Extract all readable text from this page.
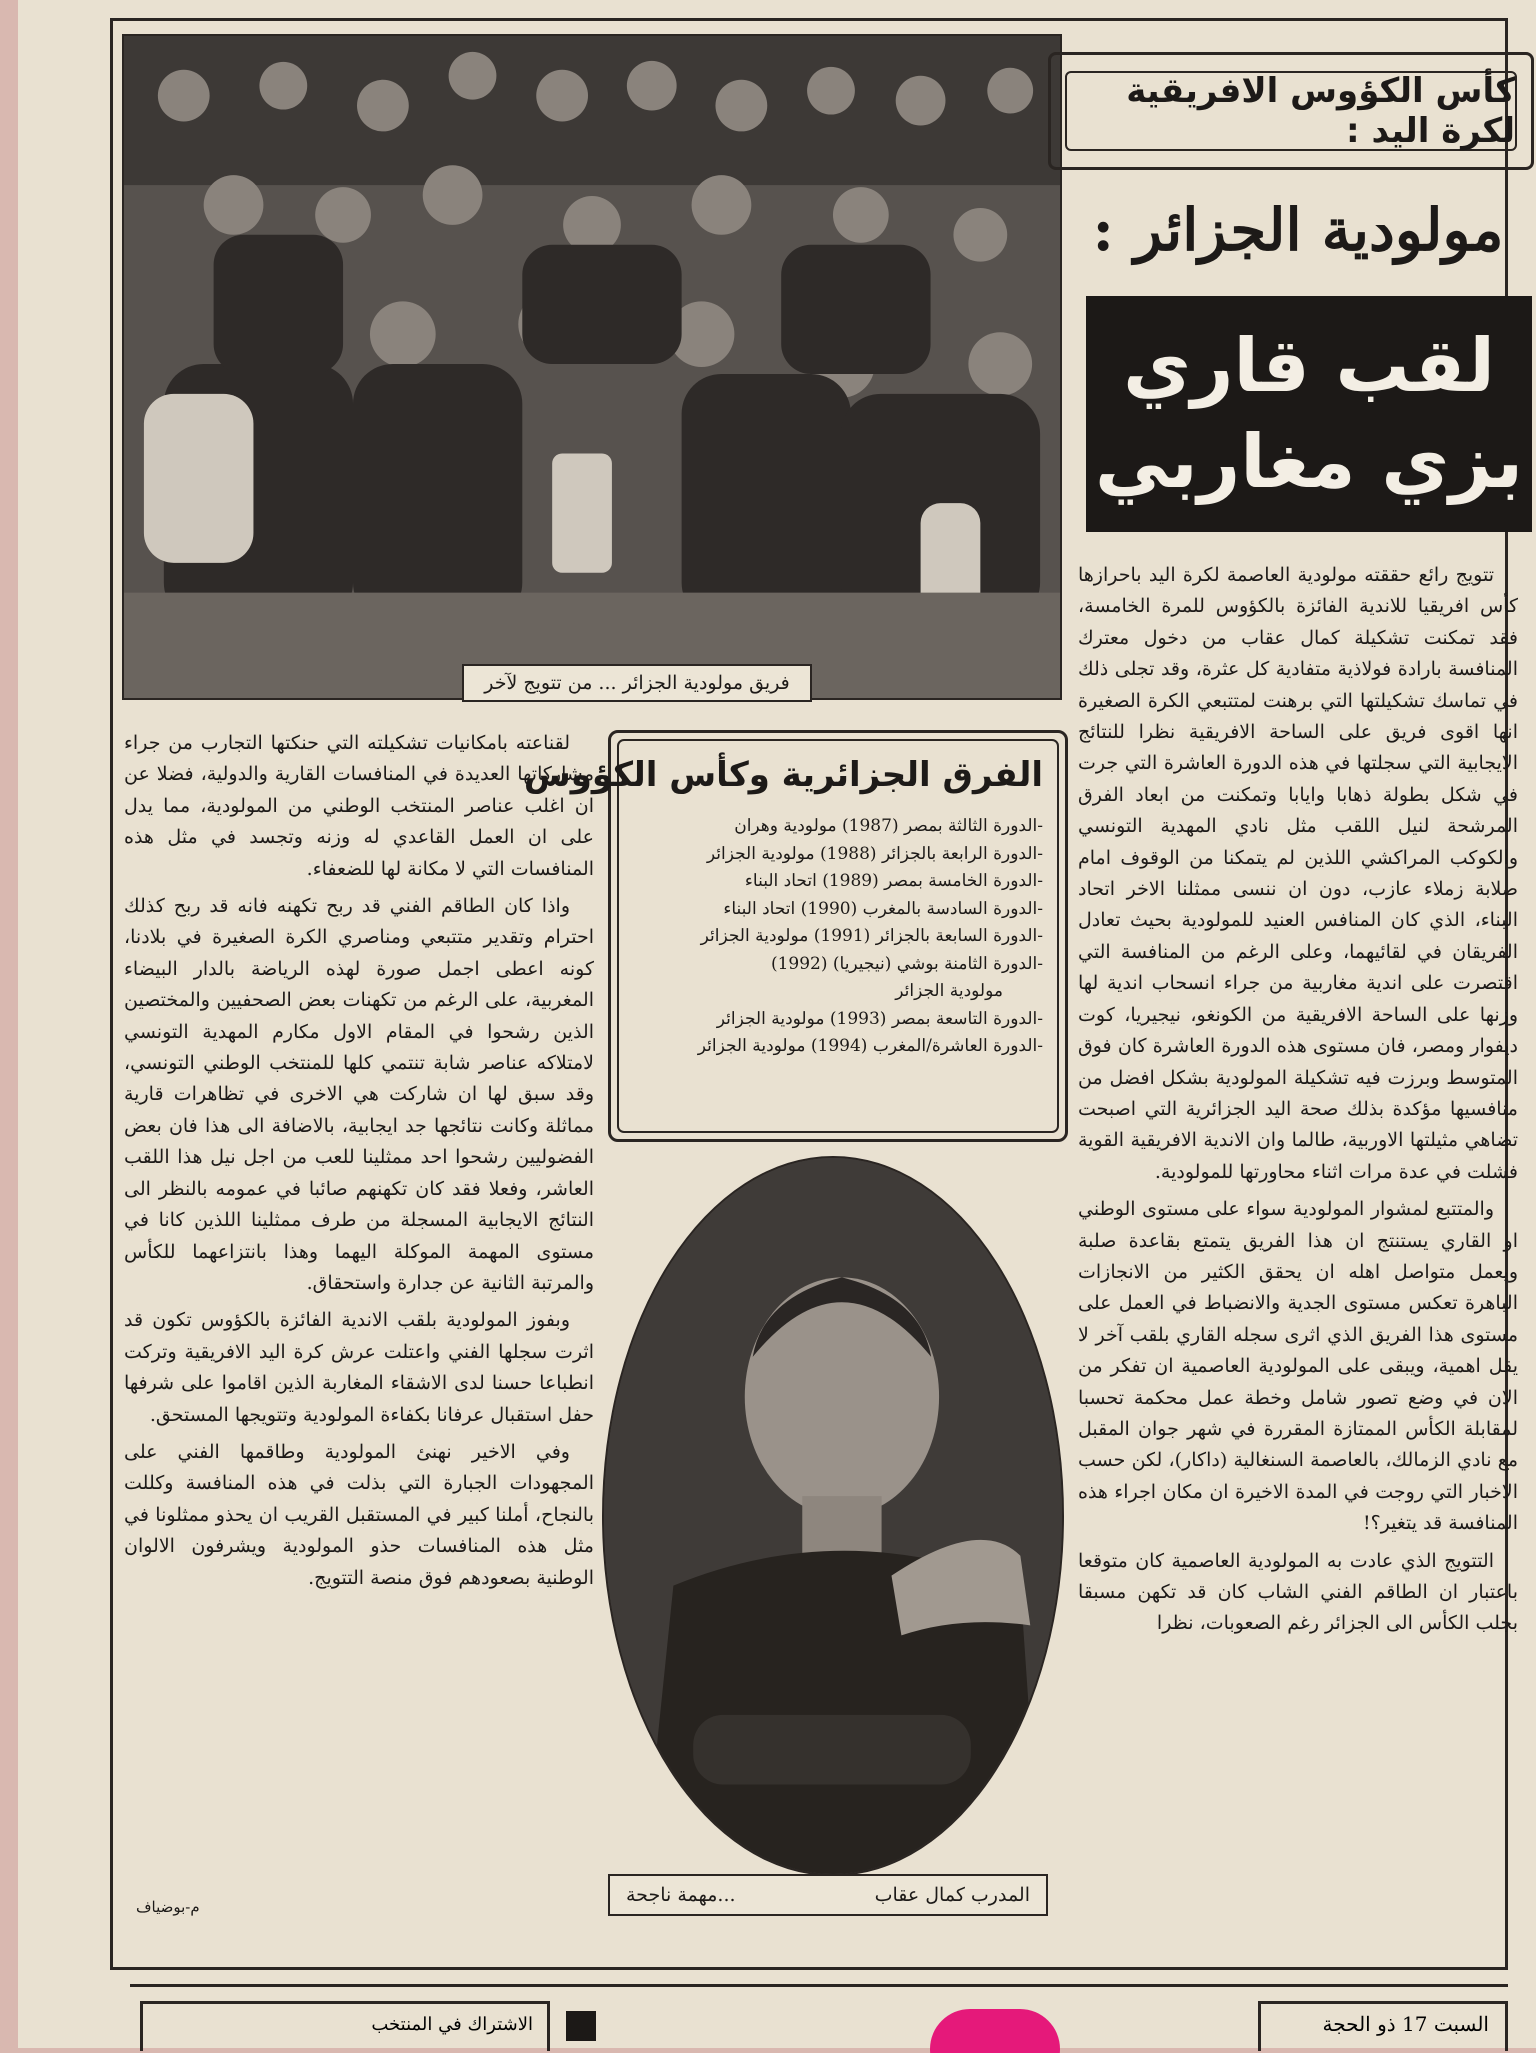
فريق مولودية الجزائر ... من تتويج لآخر
كأس الكؤوس الافريقية لكرة اليد :
مولودية الجزائر :
لقب قاري
بزي مغاربي

تتويج رائع حققته مولودية العاصمة لكرة اليد باحرازها كأس افريقيا للاندية الفائزة بالكؤوس للمرة الخامسة، فقد تمكنت تشكيلة كمال عقاب من دخول معترك المنافسة بارادة فولاذية متفادية كل عثرة، وقد تجلى ذلك في تماسك تشكيلتها التي برهنت لمتتبعي الكرة الصغيرة انها اقوى فريق على الساحة الافريقية نظرا للنتائج الايجابية التي سجلتها في هذه الدورة العاشرة التي جرت في شكل بطولة ذهابا وايابا وتمكنت من ابعاد الفرق المرشحة لنيل اللقب مثل نادي المهدية التونسي والكوكب المراكشي اللذين لم يتمكنا من الوقوف امام صلابة زملاء عازب، دون ان ننسى ممثلنا الاخر اتحاد البناء، الذي كان المنافس العنيد للمولودية بحيث تعادل الفريقان في لقائيهما، وعلى الرغم من المنافسة التي اقتصرت على اندية مغاربية من جراء انسحاب اندية لها وزنها على الساحة الافريقية من الكونغو، نيجيريا، كوت ديفوار ومصر، فان مستوى هذه الدورة العاشرة كان فوق المتوسط وبرزت فيه تشكيلة المولودية بشكل افضل من منافسيها مؤكدة بذلك صحة اليد الجزائرية التي اصبحت تضاهي مثيلتها الاوربية، طالما وان الاندية الافريقية القوية فشلت في عدة مرات اثناء محاورتها للمولودية.

والمتتبع لمشوار المولودية سواء على مستوى الوطني او القاري يستنتج ان هذا الفريق يتمتع بقاعدة صلبة ويعمل متواصل اهله ان يحقق الكثير من الانجازات الباهرة تعكس مستوى الجدية والانضباط في العمل على مستوى هذا الفريق الذي اثرى سجله القاري بلقب آخر لا يقل اهمية، ويبقى على المولودية العاصمية ان تفكر من الان في وضع تصور شامل وخطة عمل محكمة تحسبا لمقابلة الكأس الممتازة المقررة في شهر جوان المقبل مع نادي الزمالك، بالعاصمة السنغالية (داكار)، لكن حسب الاخبار التي روجت في المدة الاخيرة ان مكان اجراء هذه المنافسة قد يتغير؟!

التتويج الذي عادت به المولودية العاصمية كان متوقعا باعتبار ان الطاقم الفني الشاب كان قد تكهن مسبقا بجلب الكأس الى الجزائر رغم الصعوبات، نظرا

لقناعته بامكانيات تشكيلته التي حنكتها التجارب من جراء مشاركاتها العديدة في المنافسات القارية والدولية، فضلا عن ان اغلب عناصر المنتخب الوطني من المولودية، مما يدل على ان العمل القاعدي له وزنه وتجسد في مثل هذه المنافسات التي لا مكانة لها للضعفاء.

واذا كان الطاقم الفني قد ربح تكهنه فانه قد ربح كذلك احترام وتقدير متتبعي ومناصري الكرة الصغيرة في بلادنا، كونه اعطى اجمل صورة لهذه الرياضة بالدار البيضاء المغربية، على الرغم من تكهنات بعض الصحفيين والمختصين الذين رشحوا في المقام الاول مكارم المهدية التونسي لامتلاكه عناصر شابة تنتمي كلها للمنتخب الوطني التونسي، وقد سبق لها ان شاركت هي الاخرى في تظاهرات قارية مماثلة وكانت نتائجها جد ايجابية، بالاضافة الى هذا فان بعض الفضوليين رشحوا احد ممثلينا للعب من اجل نيل هذا اللقب العاشر، وفعلا فقد كان تكهنهم صائبا في عمومه بالنظر الى النتائج الايجابية المسجلة من طرف ممثلينا اللذين كانا في مستوى المهمة الموكلة اليهما وهذا بانتزاعهما للكأس والمرتبة الثانية عن جدارة واستحقاق.

وبفوز المولودية بلقب الاندية الفائزة بالكؤوس تكون قد اثرت سجلها الفني واعتلت عرش كرة اليد الافريقية وتركت انطباعا حسنا لدى الاشقاء المغاربة الذين اقاموا على شرفها حفل استقبال عرفانا بكفاءة المولودية وتتويجها المستحق.

وفي الاخير نهنئ المولودية وطاقمها الفني على المجهودات الجبارة التي بذلت في هذه المنافسة وكللت بالنجاح، أملنا كبير في المستقبل القريب ان يحذو ممثلونا في مثل هذه المنافسات حذو المولودية ويشرفون الالوان الوطنية بصعودهم فوق منصة التتويج.

م-بوضياف
الفرق الجزائرية وكأس الكؤوس
-الدورة الثالثة بمصر (1987) مولودية وهران
-الدورة الرابعة بالجزائر (1988) مولودية الجزائر
-الدورة الخامسة بمصر (1989) اتحاد البناء
-الدورة السادسة بالمغرب (1990) اتحاد البناء
-الدورة السابعة بالجزائر (1991) مولودية الجزائر
-الدورة الثامنة بوشي (نيجيريا) (1992)
مولودية الجزائر
-الدورة التاسعة بمصر (1993) مولودية الجزائر
-الدورة العاشرة/المغرب (1994) مولودية الجزائر
المدرب كمال عقاب
...مهمة ناجحة
الاشتراك في المنتخب	السبت 17 ذو الحجة
